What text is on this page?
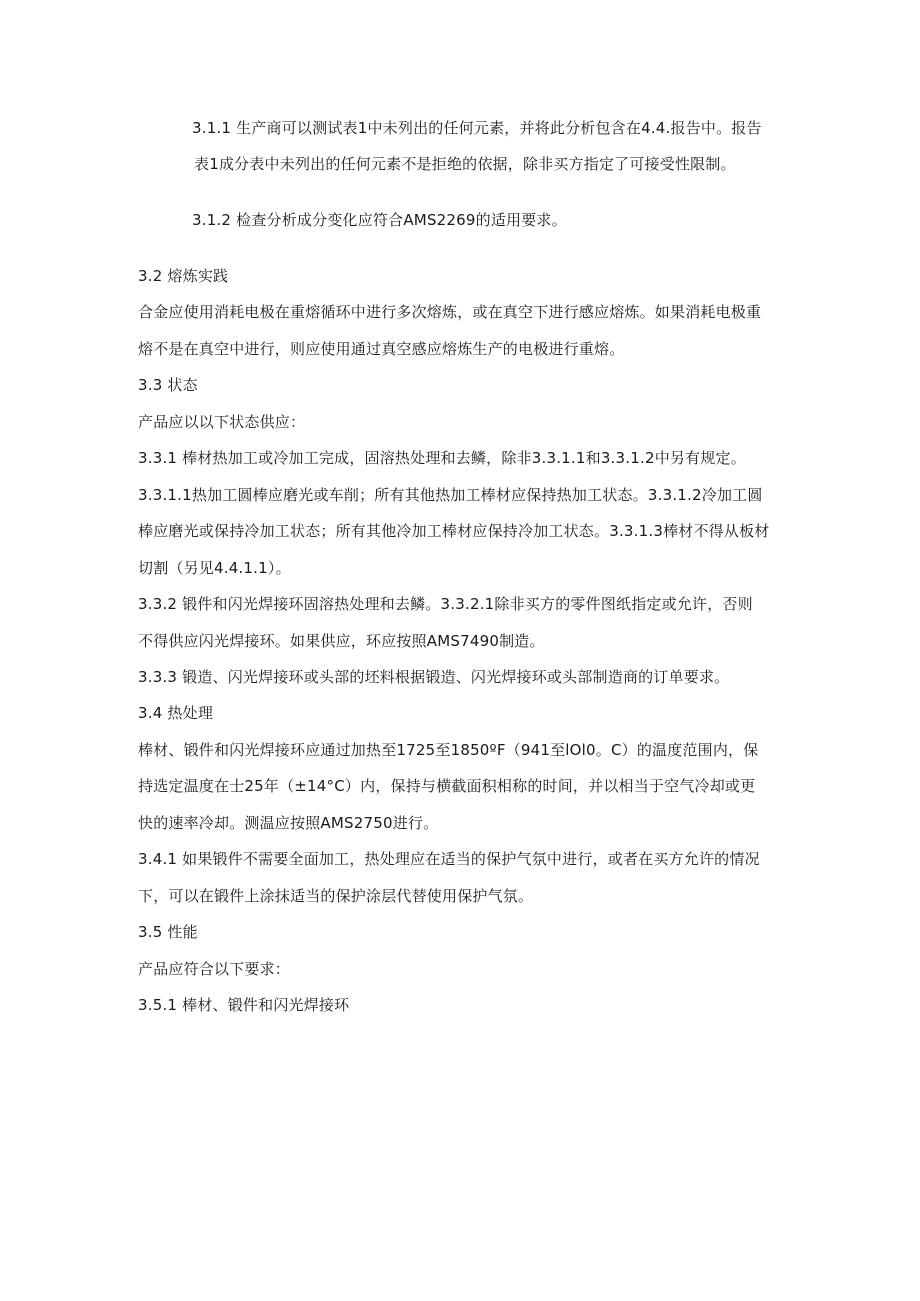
3.1.1 生产商可以测试表1中未列出的任何元素，并将此分析包含在4.4.报告中。报告
表1成分表中未列出的任何元素不是拒绝的依据，除非买方指定了可接受性限制。
3.1.2 检查分析成分变化应符合AMS2269的适用要求。
3.2 熔炼实践
合金应使用消耗电极在重熔循环中进行多次熔炼，或在真空下进行感应熔炼。如果消耗电极重
熔不是在真空中进行，则应使用通过真空感应熔炼生产的电极进行重熔。
3.3 状态
产品应以以下状态供应：
3.3.1 棒材热加工或冷加工完成，固溶热处理和去鳞，除非3.3.1.1和3.3.1.2中另有规定。
3.3.1.1热加工圆棒应磨光或车削；所有其他热加工棒材应保持热加工状态。3.3.1.2冷加工圆
棒应磨光或保持冷加工状态；所有其他冷加工棒材应保持冷加工状态。3.3.1.3棒材不得从板材
切割（另见4.4.1.1）。
3.3.2 锻件和闪光焊接环固溶热处理和去鳞。3.3.2.1除非买方的零件图纸指定或允许，否则
不得供应闪光焊接环。如果供应，环应按照AMS7490制造。
3.3.3 锻造、闪光焊接环或头部的坯料根据锻造、闪光焊接环或头部制造商的订单要求。
3.4 热处理
棒材、锻件和闪光焊接环应通过加热至1725至1850ºF（941至lOl0。C）的温度范围内，保
持选定温度在士25年（±14°C）内，保持与横截面积相称的时间，并以相当于空气冷却或更
快的速率冷却。测温应按照AMS2750进行。
3.4.1 如果锻件不需要全面加工，热处理应在适当的保护气氛中进行，或者在买方允许的情况
下，可以在锻件上涂抹适当的保护涂层代替使用保护气氛。
3.5 性能
产品应符合以下要求：
3.5.1 棒材、锻件和闪光焊接环
